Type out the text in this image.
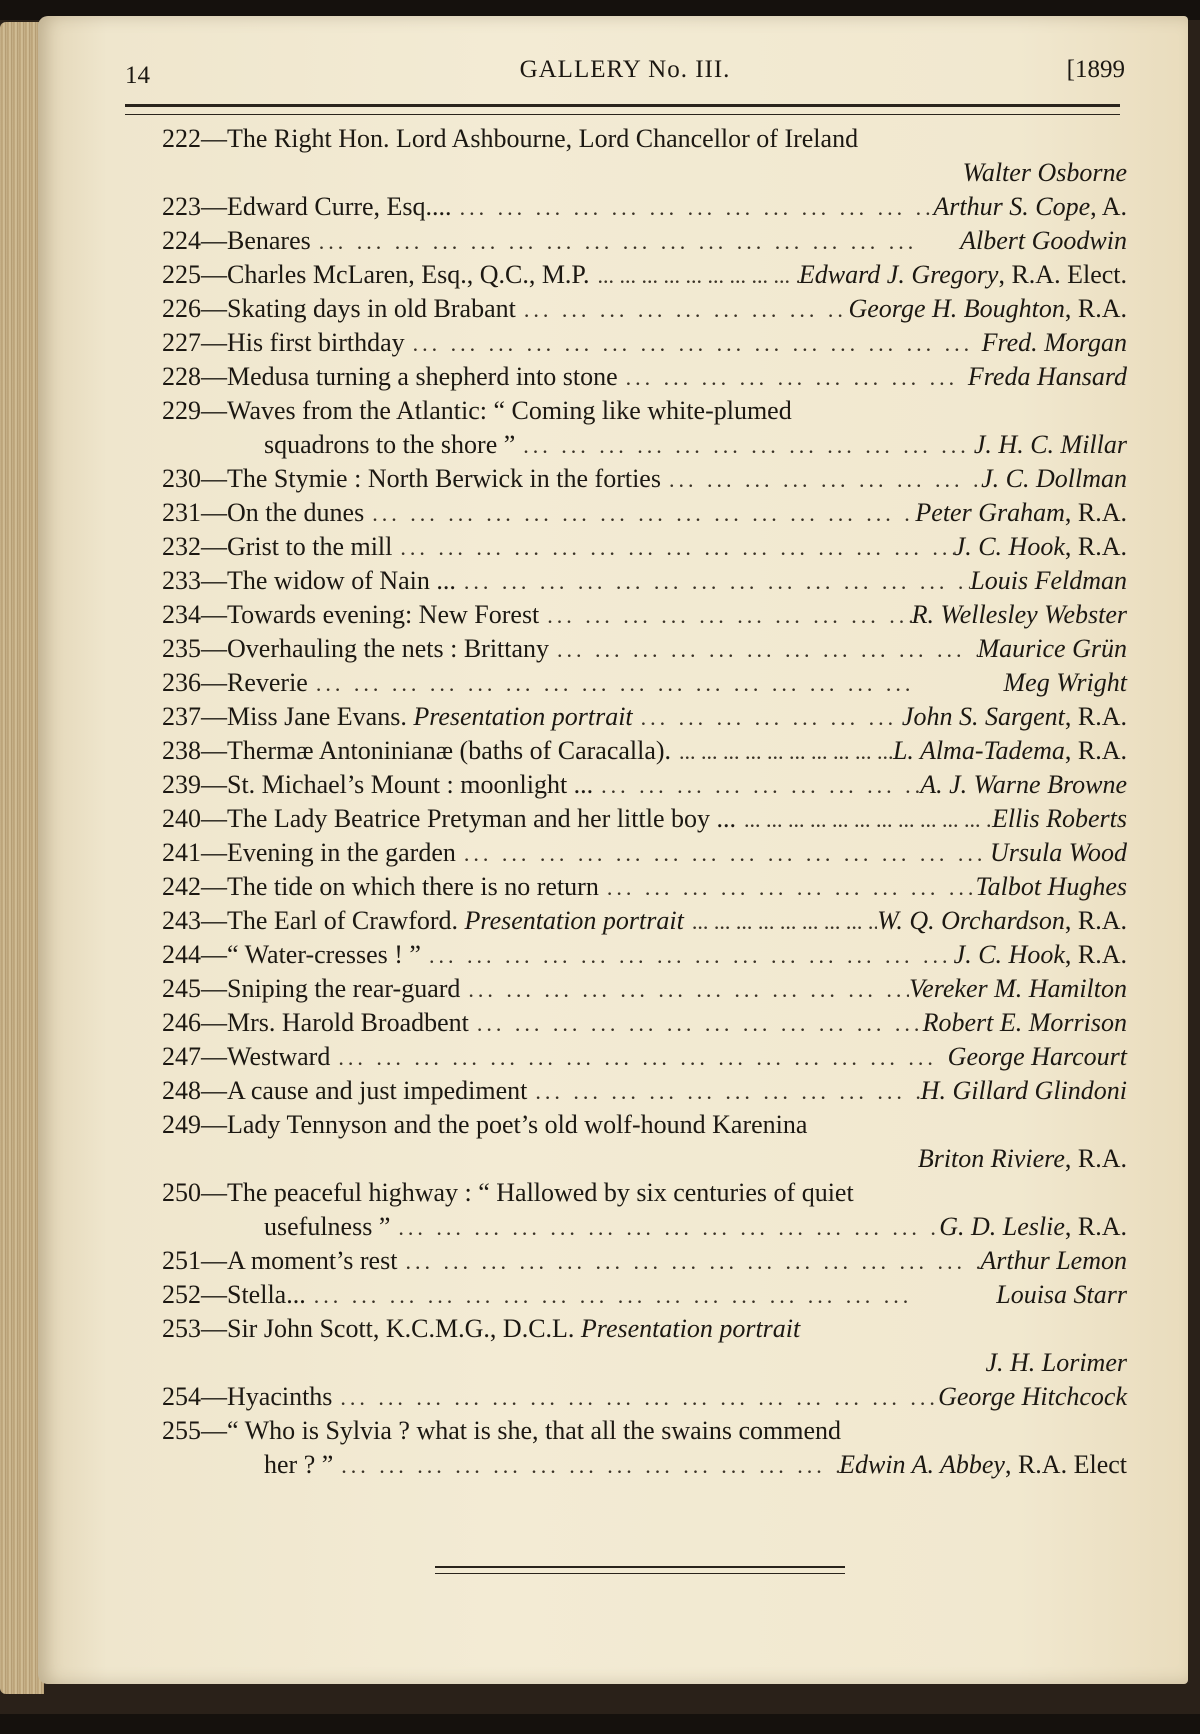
14	GALLERY No. III.	[1899
222—The Right Hon. Lord Ashbourne, Lord Chancellor of Ireland
Walter Osborne
223—Edward Curre, Esq.... ...	Arthur S. Cope, A.
224—Benares ...	Albert Goodwin
225—Charles McLaren, Esq., Q.C., M.P. ...	Edward J. Gregory, R.A. Elect.
226—Skating days in old Brabant ...	George H. Boughton, R.A.
227—His first birthday ...	Fred. Morgan
228—Medusa turning a shepherd into stone ...	Freda Hansard
229—Waves from the Atlantic: “ Coming like white-plumed
squadrons to the shore ” ...	J. H. C. Millar
230—The Stymie : North Berwick in the forties ...	J. C. Dollman
231—On the dunes ...	Peter Graham, R.A.
232—Grist to the mill ...	J. C. Hook, R.A.
233—The widow of Nain ... ...	Louis Feldman
234—Towards evening: New Forest ...	R. Wellesley Webster
235—Overhauling the nets : Brittany ...	Maurice Grün
236—Reverie ...	Meg Wright
237—Miss Jane Evans. Presentation portrait ...	John S. Sargent, R.A.
238—Thermæ Antoninianæ (baths of Caracalla). ...	L. Alma-Tadema, R.A.
239—St. Michael’s Mount : moonlight ... ...	A. J. Warne Browne
240—The Lady Beatrice Pretyman and her little boy ... ...	Ellis Roberts
241—Evening in the garden ...	Ursula Wood
242—The tide on which there is no return ...	Talbot Hughes
243—The Earl of Crawford. Presentation portrait ...	W. Q. Orchardson, R.A.
244—“ Water-cresses ! ” ...	J. C. Hook, R.A.
245—Sniping the rear-guard ...	Vereker M. Hamilton
246—Mrs. Harold Broadbent ...	Robert E. Morrison
247—Westward ...	George Harcourt
248—A cause and just impediment ...	H. Gillard Glindoni
249—Lady Tennyson and the poet’s old wolf-hound Karenina
Briton Riviere, R.A.
250—The peaceful highway : “ Hallowed by six centuries of quiet
usefulness ” ...	G. D. Leslie, R.A.
251—A moment’s rest ...	Arthur Lemon
252—Stella... ...	Louisa Starr
253—Sir John Scott, K.C.M.G., D.C.L. Presentation portrait
J. H. Lorimer
254—Hyacinths ...	George Hitchcock
255—“ Who is Sylvia ? what is she, that all the swains commend
her ? ” ...	Edwin A. Abbey, R.A. Elect
